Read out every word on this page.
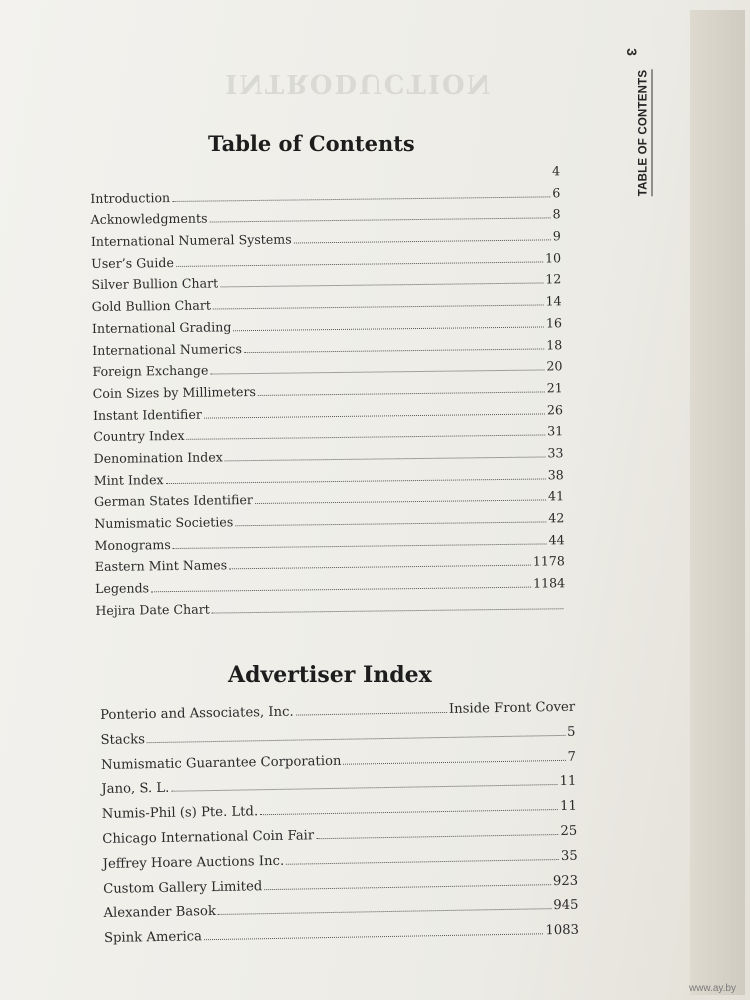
INTRODUCTION
3
TABLE OF CONTENTS
Table of Contents
4
Introduction	6
Acknowledgments	8
International Numeral Systems	9
User’s Guide	10
Silver Bullion Chart	12
Gold Bullion Chart	14
International Grading	16
International Numerics	18
Foreign Exchange	20
Coin Sizes by Millimeters	21
Instant Identifier	26
Country Index	31
Denomination Index	33
Mint Index	38
German States Identifier	41
Numismatic Societies	42
Monograms	44
Eastern Mint Names	1178
Legends	1184
Hejira Date Chart
Advertiser Index
Ponterio and Associates, Inc.	Inside Front Cover
Stacks	5
Numismatic Guarantee Corporation	7
Jano, S. L.	11
Numis-Phil (s) Pte. Ltd.	11
Chicago International Coin Fair	25
Jeffrey Hoare Auctions Inc.	35
Custom Gallery Limited	923
Alexander Basok	945
Spink America	1083
www.ay.by
